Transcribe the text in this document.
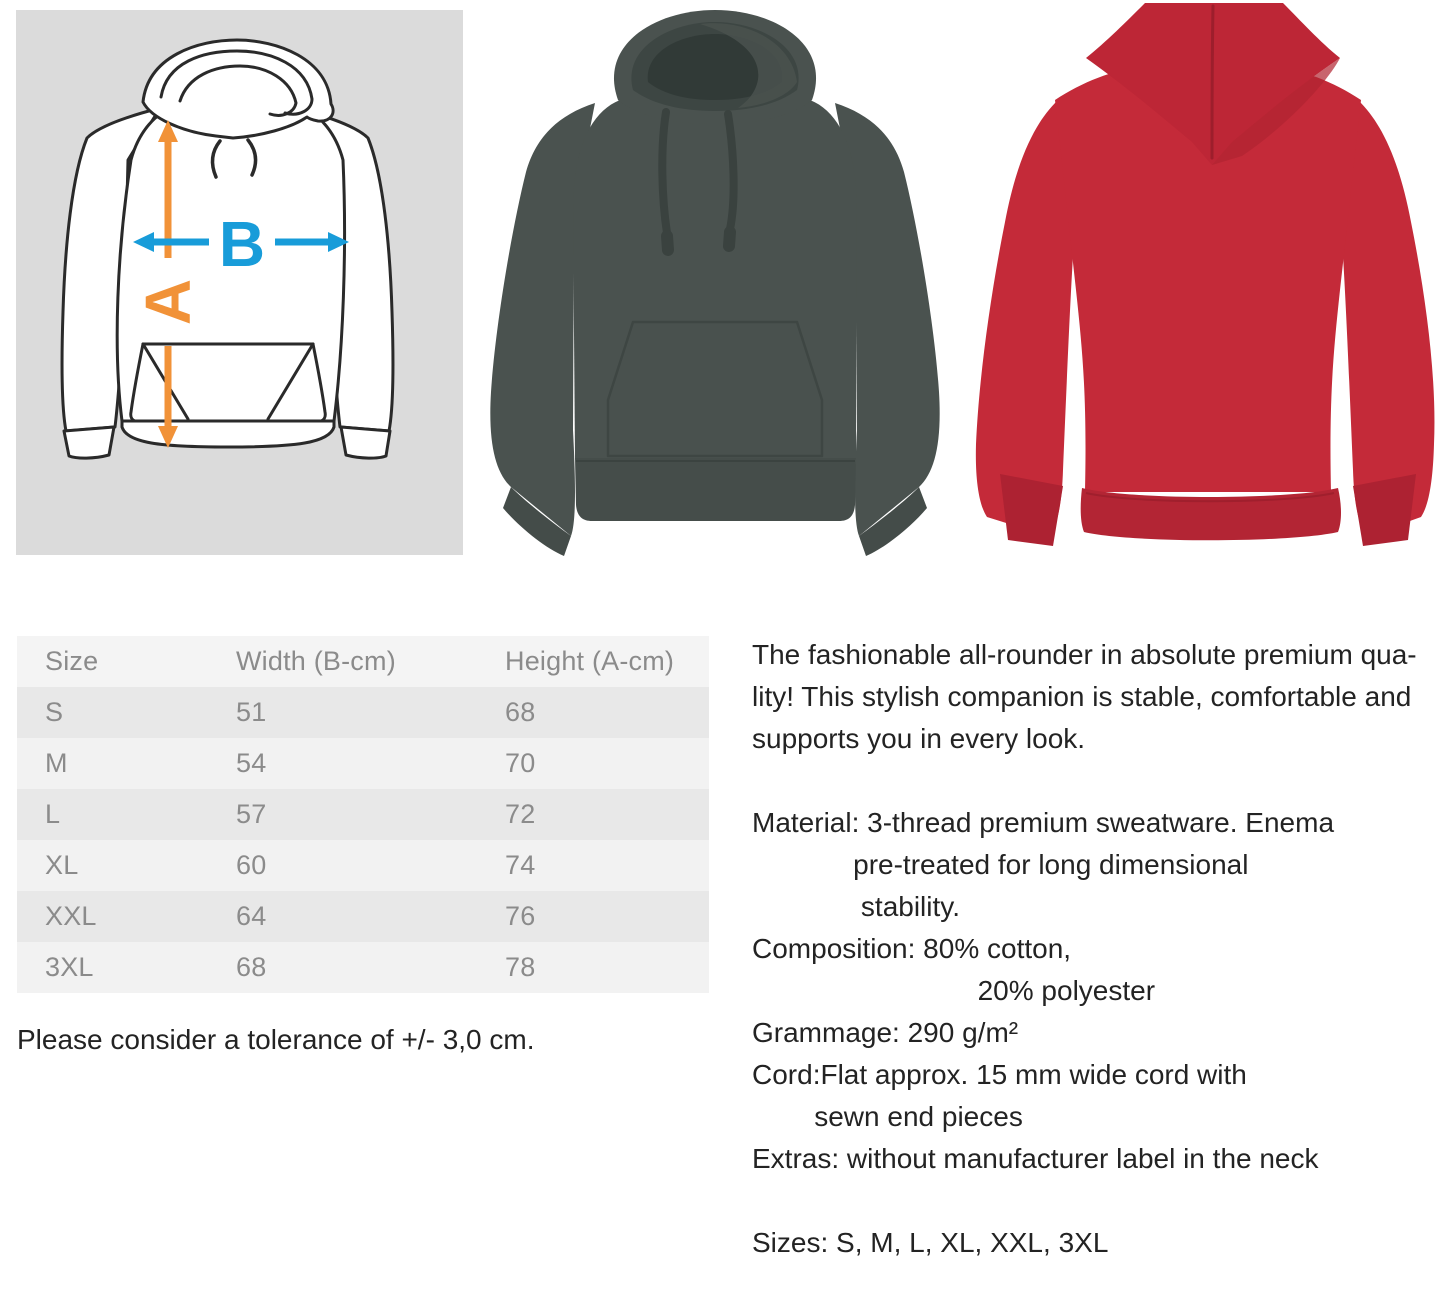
A
B
Size	Width (B-cm)	Height (A-cm)
S	51	68
M	54	70
L	57	72
XL	60	74
XXL	64	76
3XL	68	78
Please consider a tolerance of +/- 3,0 cm.
The fashionable all-rounder in absolute premium qua-
lity! This stylish companion is stable, comfortable and
supports you in every look.
Material: 3-thread premium sweatware. Enema
pre-treated for long dimensional
stability.
Composition: 80% cotton,
20% polyester
Grammage: 290 g/m²
Cord:Flat approx. 15 mm wide cord with
sewn end pieces
Extras: without manufacturer label in the neck
Sizes: S, M, L, XL, XXL, 3XL
